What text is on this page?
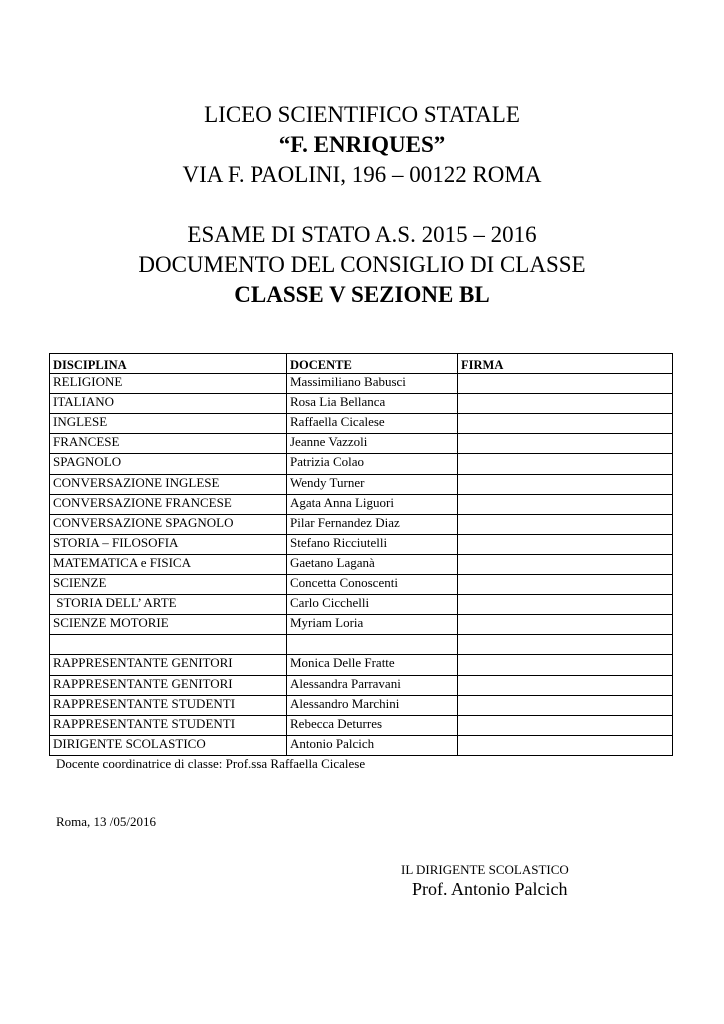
LICEO SCIENTIFICO STATALE
“F. ENRIQUES”
VIA F. PAOLINI, 196 – 00122 ROMA
ESAME DI STATO A.S. 2015 – 2016
DOCUMENTO DEL CONSIGLIO DI CLASSE
CLASSE V SEZIONE BL
DISCIPLINA	DOCENTE	FIRMA
RELIGIONE	Massimiliano Babusci	
ITALIANO	Rosa Lia Bellanca	
INGLESE	Raffaella Cicalese	
FRANCESE	Jeanne Vazzoli	
SPAGNOLO	Patrizia Colao	
CONVERSAZIONE INGLESE	Wendy Turner	
CONVERSAZIONE FRANCESE	Agata Anna Liguori	
CONVERSAZIONE SPAGNOLO	Pilar Fernandez Diaz	
STORIA – FILOSOFIA	Stefano Ricciutelli	
MATEMATICA e FISICA	Gaetano Laganà	
SCIENZE	Concetta Conoscenti	
STORIA DELL’ ARTE	Carlo Cicchelli	
SCIENZE MOTORIE	Myriam Loria	

RAPPRESENTANTE GENITORI	Monica Delle Fratte	
RAPPRESENTANTE GENITORI	Alessandra Parravani	
RAPPRESENTANTE STUDENTI	Alessandro Marchini	
RAPPRESENTANTE STUDENTI	Rebecca Deturres	
DIRIGENTE SCOLASTICO	Antonio Palcich	
Docente coordinatrice di classe: Prof.ssa Raffaella Cicalese
Roma, 13 /05/2016
IL DIRIGENTE SCOLASTICO
Prof. Antonio Palcich
